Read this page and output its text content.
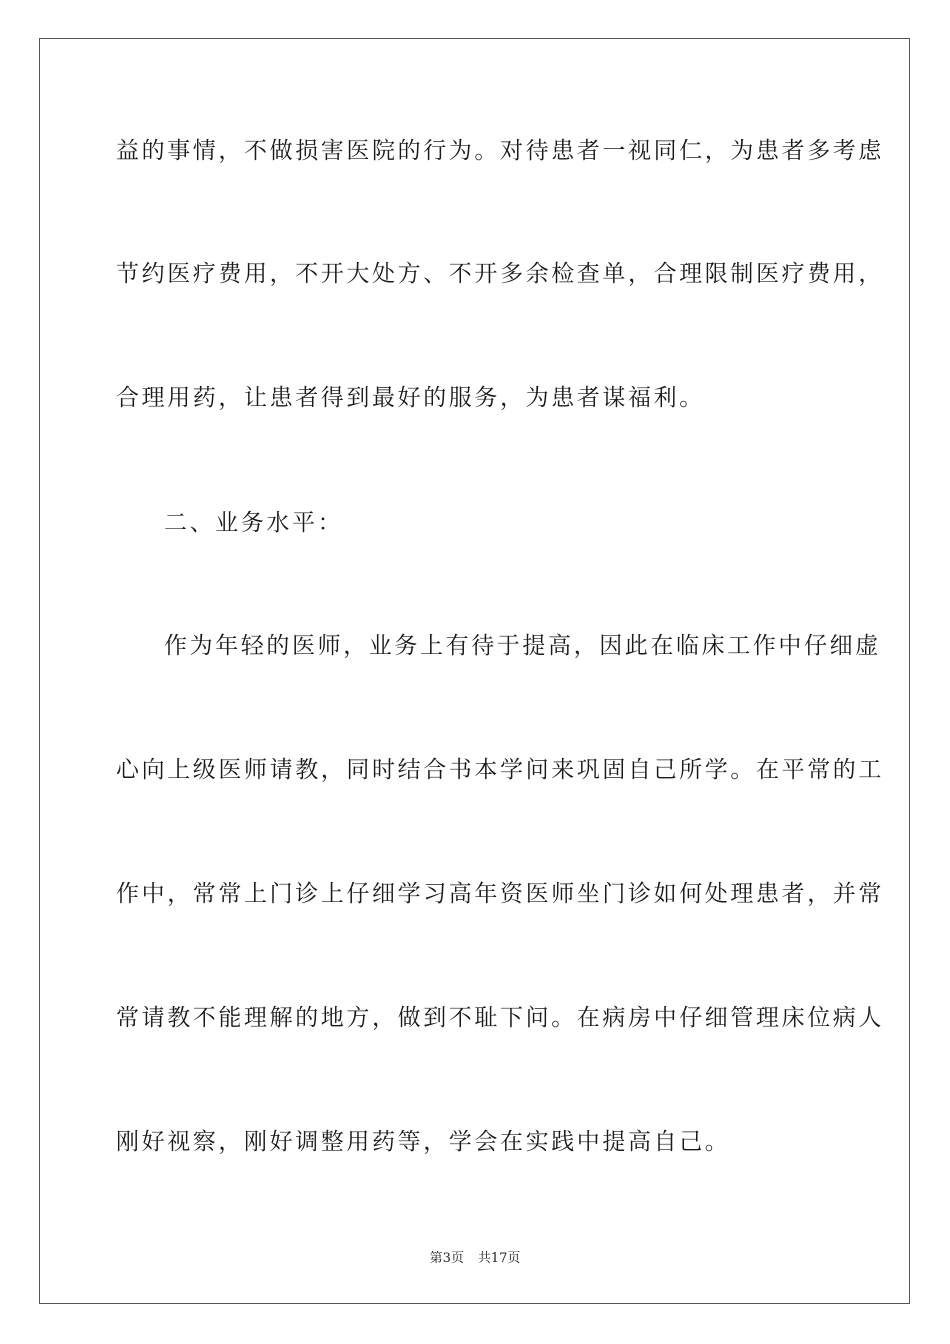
益的事情，不做损害医院的行为。对待患者一视同仁，为患者多考虑
节约医疗费用，不开大处方、不开多余检查单，合理限制医疗费用，
合理用药，让患者得到最好的服务，为患者谋福利。
二、业务水平：
作为年轻的医师，业务上有待于提高，因此在临床工作中仔细虚
心向上级医师请教，同时结合书本学问来巩固自己所学。在平常的工
作中，常常上门诊上仔细学习高年资医师坐门诊如何处理患者，并常
常请教不能理解的地方，做到不耻下问。在病房中仔细管理床位病人
刚好视察，刚好调整用药等，学会在实践中提高自己。
第3页 共17页
